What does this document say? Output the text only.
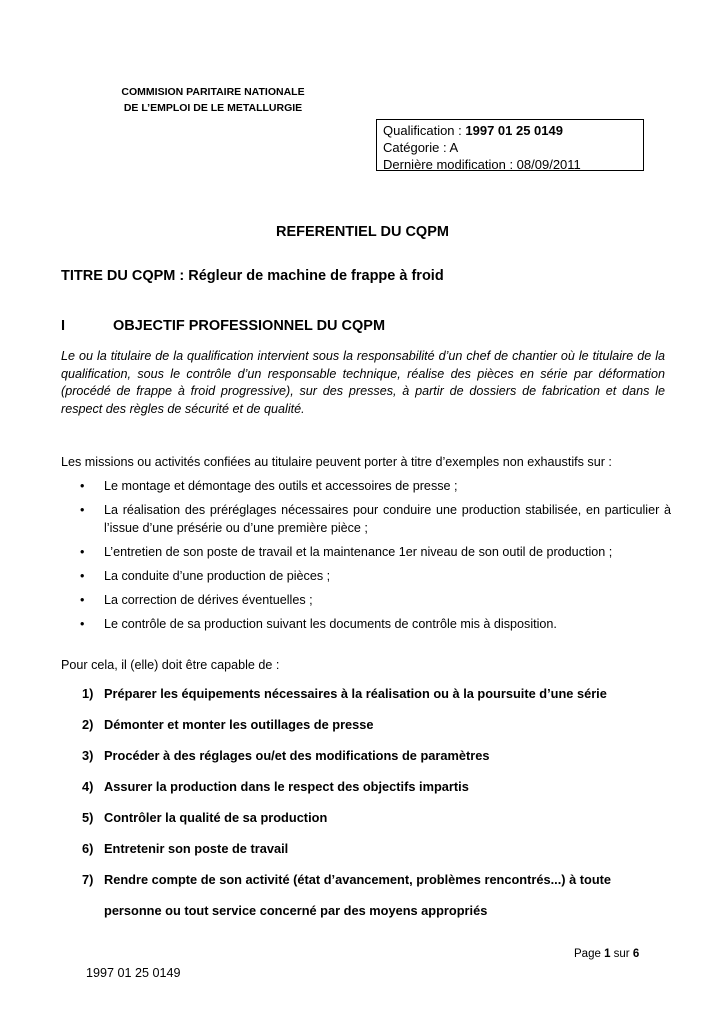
COMMISION PARITAIRE NATIONALE
DE L’EMPLOI DE LE METALLURGIE
Qualification : 1997 01 25 0149
Catégorie : A
Dernière modification : 08/09/2011
REFERENTIEL DU CQPM
TITRE DU CQPM : Régleur de machine de frappe à froid
I	OBJECTIF PROFESSIONNEL DU CQPM
Le ou la titulaire de la qualification intervient sous la responsabilité d’un chef de chantier où le titulaire de la qualification, sous le contrôle d’un responsable technique, réalise des pièces en série par déformation (procédé de frappe à froid progressive), sur des presses, à partir de dossiers de fabrication et dans le respect des règles de sécurité et de qualité.
Les missions ou activités confiées au titulaire peuvent porter à titre d’exemples non exhaustifs sur :
• Le montage et démontage des outils et accessoires de presse ;
• La réalisation des préréglages nécessaires pour conduire une production stabilisée, en particulier à l’issue d’une présérie ou d’une première pièce ;
• L’entretien de son poste de travail et la maintenance 1er niveau de son outil de production ;
• La conduite d’une production de pièces ;
• La correction de dérives éventuelles ;
• Le contrôle de sa production suivant les documents de contrôle mis à disposition.
Pour cela, il (elle) doit être capable de :
1) Préparer les équipements nécessaires à la réalisation ou à la poursuite d’une série
2) Démonter et monter les outillages de presse
3) Procéder à des réglages ou/et des modifications de paramètres
4) Assurer la production dans le respect des objectifs impartis
5) Contrôler la qualité de sa production
6) Entretenir son poste de travail
7) Rendre compte de son activité (état d’avancement, problèmes rencontrés...) à toute personne ou tout service concerné par des moyens appropriés
Page 1 sur 6
1997 01 25 0149
